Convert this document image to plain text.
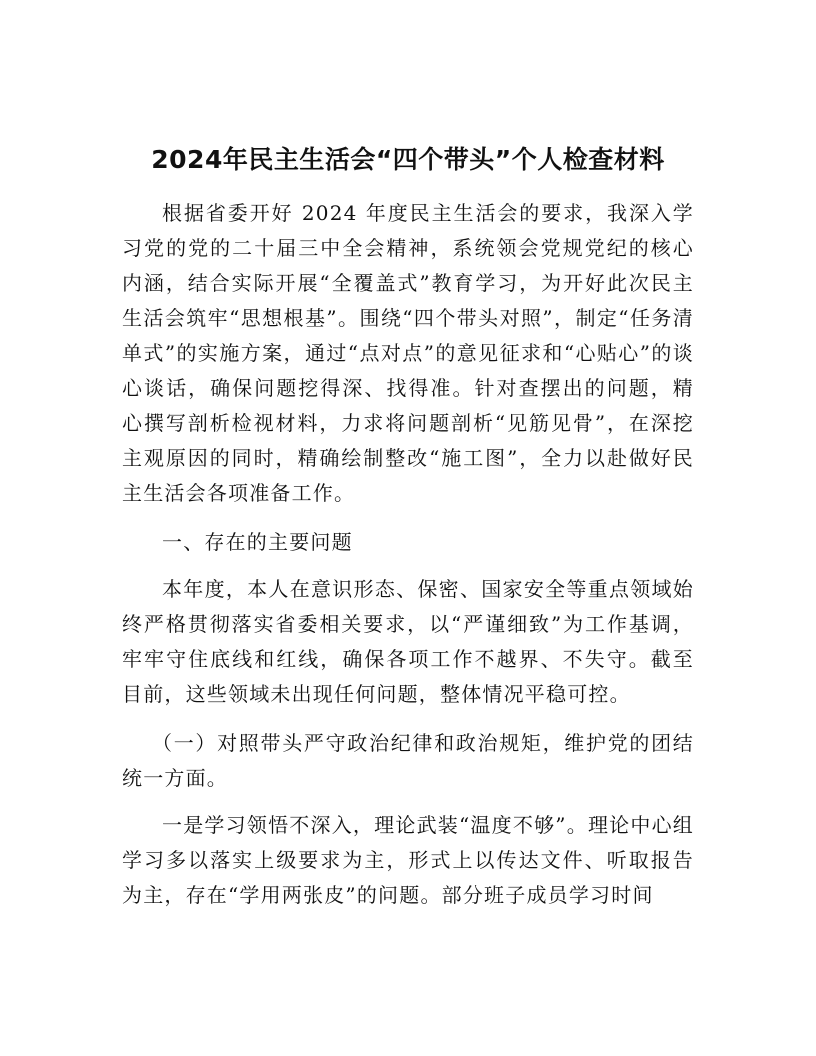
2024年民主生活会“四个带头”个人检查材料

根据省委开好 2024 年度民主生活会的要求，我深入学习党的党的二十届三中全会精神，系统领会党规党纪的核心内涵，结合实际开展“全覆盖式”教育学习，为开好此次民主生活会筑牢“思想根基”。围绕“四个带头对照”，制定“任务清单式”的实施方案，通过“点对点”的意见征求和“心贴心”的谈心谈话，确保问题挖得深、找得准。针对查摆出的问题，精心撰写剖析检视材料，力求将问题剖析“见筋见骨”，在深挖主观原因的同时，精确绘制整改“施工图”，全力以赴做好民主生活会各项准备工作。

一、存在的主要问题

本年度，本人在意识形态、保密、国家安全等重点领域始终严格贯彻落实省委相关要求，以“严谨细致”为工作基调，牢牢守住底线和红线，确保各项工作不越界、不失守。截至目前，这些领域未出现任何问题，整体情况平稳可控。

（一）对照带头严守政治纪律和政治规矩，维护党的团结统一方面。

一是学习领悟不深入，理论武装“温度不够”。理论中心组学习多以落实上级要求为主，形式上以传达文件、听取报告为主，存在“学用两张皮”的问题。部分班子成员学习时间
